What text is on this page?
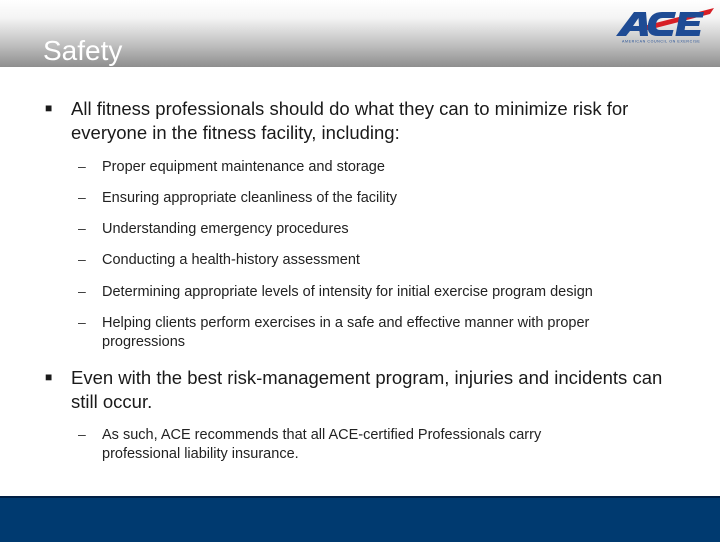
Safety	AMERICAN COUNCIL ON EXERCISE
■ All fitness professionals should do what they can to minimize risk for everyone in the fitness facility, including:
– Proper equipment maintenance and storage
– Ensuring appropriate cleanliness of the facility
– Understanding emergency procedures
– Conducting a health-history assessment
– Determining appropriate levels of intensity for initial exercise program design
– Helping clients perform exercises in a safe and effective manner with proper progressions
■ Even with the best risk-management program, injuries and incidents can still occur.
– As such, ACE recommends that all ACE-certified Professionals carry professional liability insurance.
